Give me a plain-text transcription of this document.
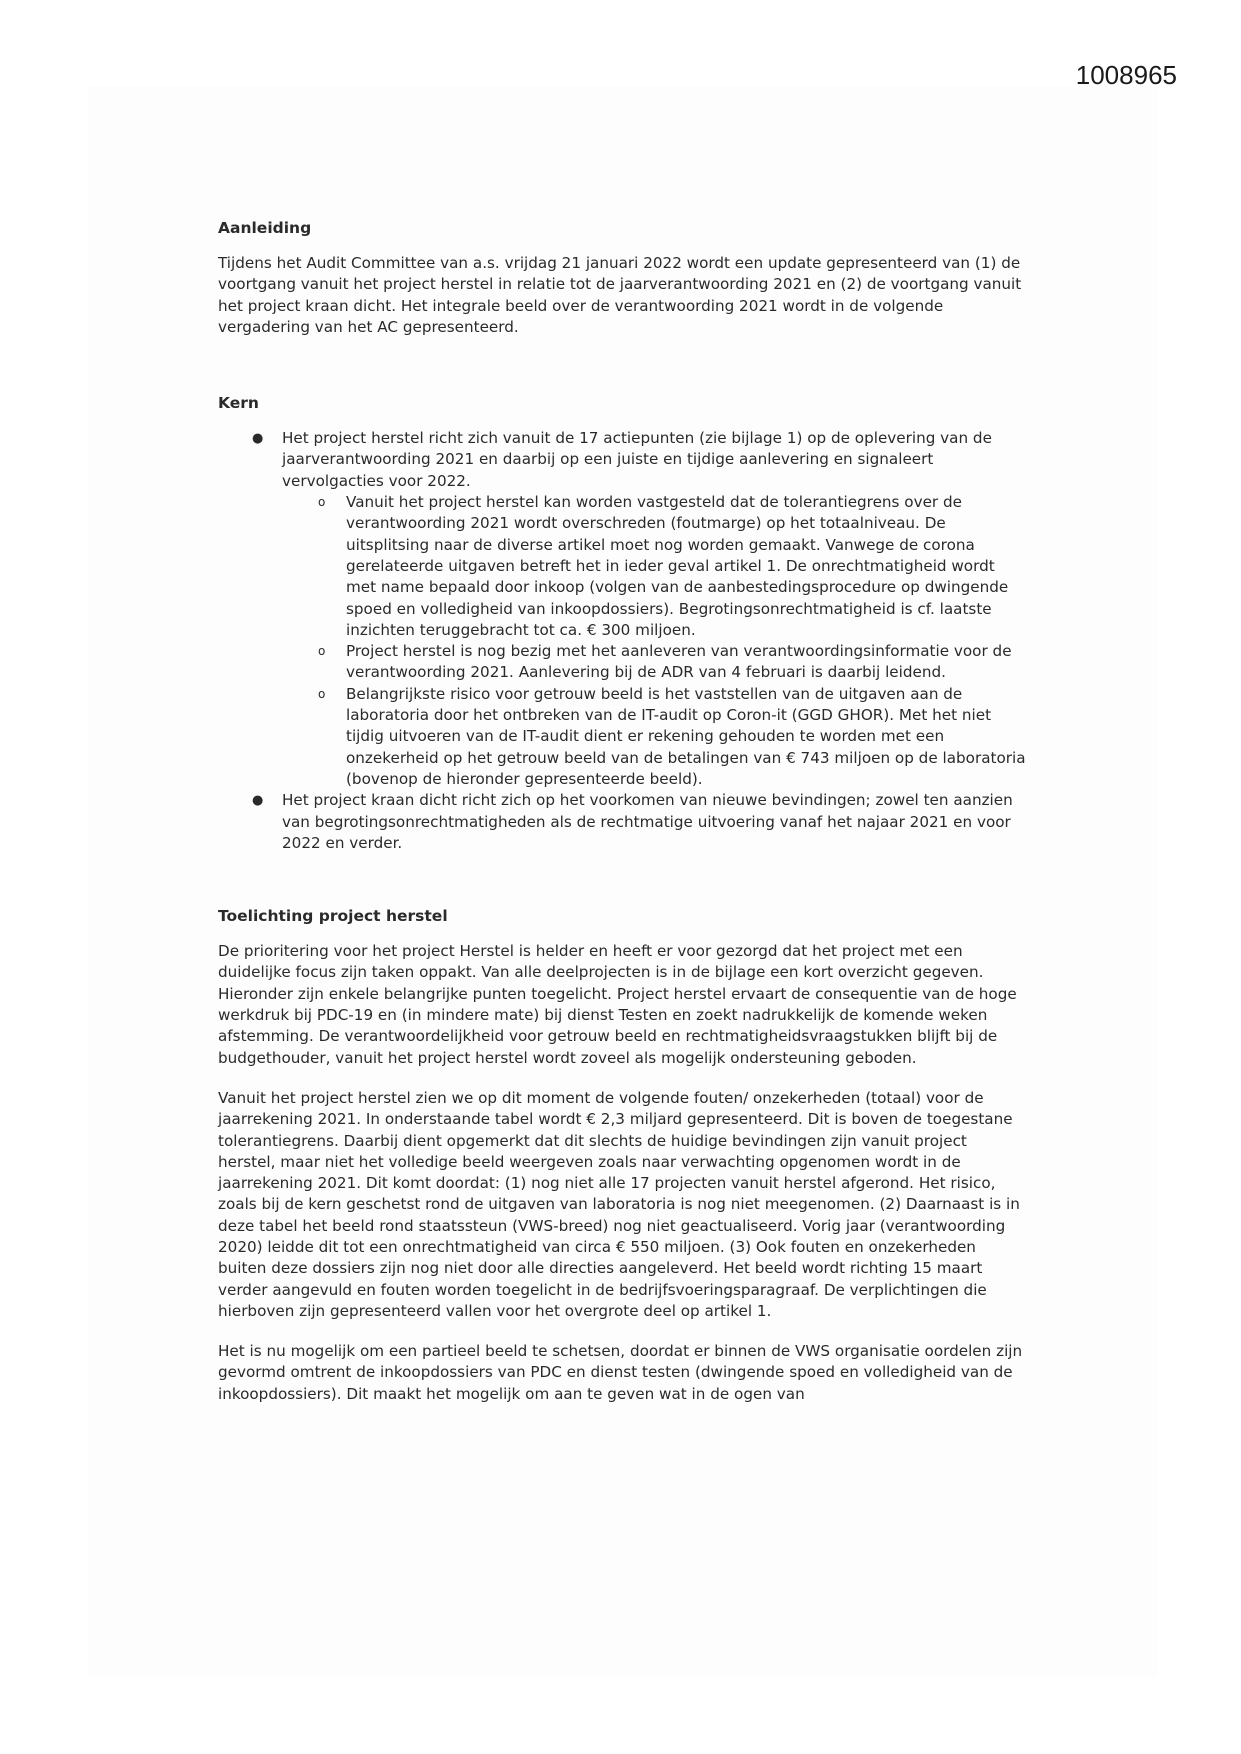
1008965
Aanleiding

Tijdens het Audit Committee van a.s. vrijdag 21 januari 2022 wordt een update gepresenteerd van (1) de voortgang vanuit het project herstel in relatie tot de jaarverantwoording 2021 en (2) de voortgang vanuit het project kraan dicht. Het integrale beeld over de verantwoording 2021 wordt in de volgende vergadering van het AC gepresenteerd.

Kern
● Het project herstel richt zich vanuit de 17 actiepunten (zie bijlage 1) op de oplevering van de jaarverantwoording 2021 en daarbij op een juiste en tijdige aanlevering en signaleert vervolgacties voor 2022.
o Vanuit het project herstel kan worden vastgesteld dat de tolerantiegrens over de verantwoording 2021 wordt overschreden (foutmarge) op het totaalniveau. De uitsplitsing naar de diverse artikel moet nog worden gemaakt. Vanwege de corona gerelateerde uitgaven betreft het in ieder geval artikel 1. De onrechtmatigheid wordt met name bepaald door inkoop (volgen van de aanbestedingsprocedure op dwingende spoed en volledigheid van inkoopdossiers). Begrotingsonrechtmatigheid is cf. laatste inzichten teruggebracht tot ca. € 300 miljoen.
o Project herstel is nog bezig met het aanleveren van verantwoordingsinformatie voor de verantwoording 2021. Aanlevering bij de ADR van 4 februari is daarbij leidend.
o Belangrijkste risico voor getrouw beeld is het vaststellen van de uitgaven aan de laboratoria door het ontbreken van de IT-audit op Coron-it (GGD GHOR). Met het niet tijdig uitvoeren van de IT-audit dient er rekening gehouden te worden met een onzekerheid op het getrouw beeld van de betalingen van € 743 miljoen op de laboratoria (bovenop de hieronder gepresenteerde beeld).
● Het project kraan dicht richt zich op het voorkomen van nieuwe bevindingen; zowel ten aanzien van begrotingsonrechtmatigheden als de rechtmatige uitvoering vanaf het najaar 2021 en voor 2022 en verder.
Toelichting project herstel

De prioritering voor het project Herstel is helder en heeft er voor gezorgd dat het project met een duidelijke focus zijn taken oppakt. Van alle deelprojecten is in de bijlage een kort overzicht gegeven. Hieronder zijn enkele belangrijke punten toegelicht. Project herstel ervaart de consequentie van de hoge werkdruk bij PDC-19 en (in mindere mate) bij dienst Testen en zoekt nadrukkelijk de komende weken afstemming. De verantwoordelijkheid voor getrouw beeld en rechtmatigheidsvraagstukken blijft bij de budgethouder, vanuit het project herstel wordt zoveel als mogelijk ondersteuning geboden.

Vanuit het project herstel zien we op dit moment de volgende fouten/ onzekerheden (totaal) voor de jaarrekening 2021. In onderstaande tabel wordt € 2,3 miljard gepresenteerd. Dit is boven de toegestane tolerantiegrens. Daarbij dient opgemerkt dat dit slechts de huidige bevindingen zijn vanuit project herstel, maar niet het volledige beeld weergeven zoals naar verwachting opgenomen wordt in de jaarrekening 2021. Dit komt doordat: (1) nog niet alle 17 projecten vanuit herstel afgerond. Het risico, zoals bij de kern geschetst rond de uitgaven van laboratoria is nog niet meegenomen. (2) Daarnaast is in deze tabel het beeld rond staatssteun (VWS-breed) nog niet geactualiseerd. Vorig jaar (verantwoording 2020) leidde dit tot een onrechtmatigheid van circa € 550 miljoen. (3) Ook fouten en onzekerheden buiten deze dossiers zijn nog niet door alle directies aangeleverd. Het beeld wordt richting 15 maart verder aangevuld en fouten worden toegelicht in de bedrijfsvoeringsparagraaf. De verplichtingen die hierboven zijn gepresenteerd vallen voor het overgrote deel op artikel 1.

Het is nu mogelijk om een partieel beeld te schetsen, doordat er binnen de VWS organisatie oordelen zijn gevormd omtrent de inkoopdossiers van PDC en dienst testen (dwingende spoed en volledigheid van de inkoopdossiers). Dit maakt het mogelijk om aan te geven wat in de ogen van
